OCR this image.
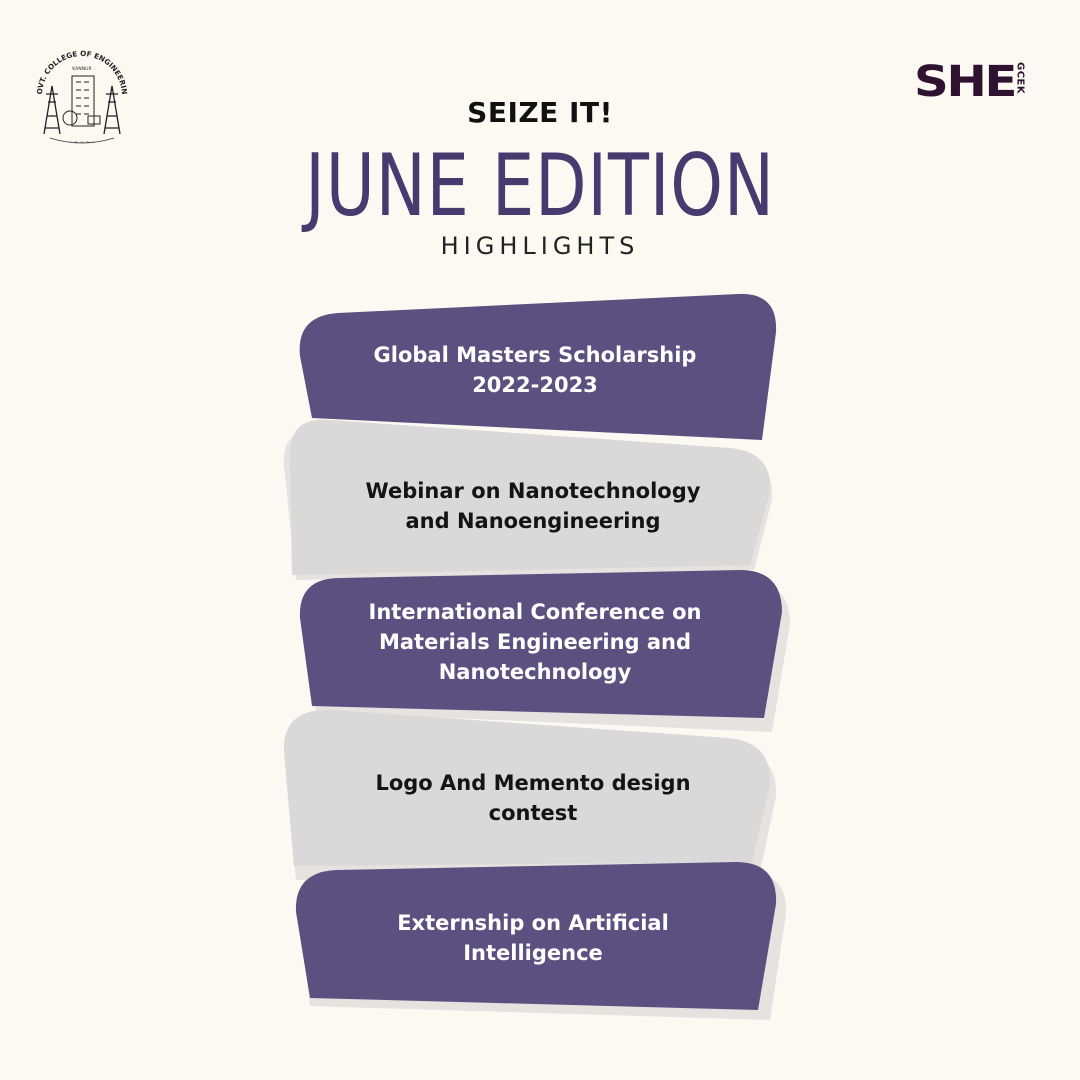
OVT. COLLEGE OF ENGINEERIN
KANNUR
~ ~ ~ ~ ~
SHE GCEK
SEIZE IT!
JUNE EDITION
HIGHLIGHTS
Global Masters Scholarship
2022-2023
Webinar on Nanotechnology
and Nanoengineering
International Conference on
Materials Engineering and
Nanotechnology
Logo And Memento design
contest
Externship on Artificial
Intelligence
